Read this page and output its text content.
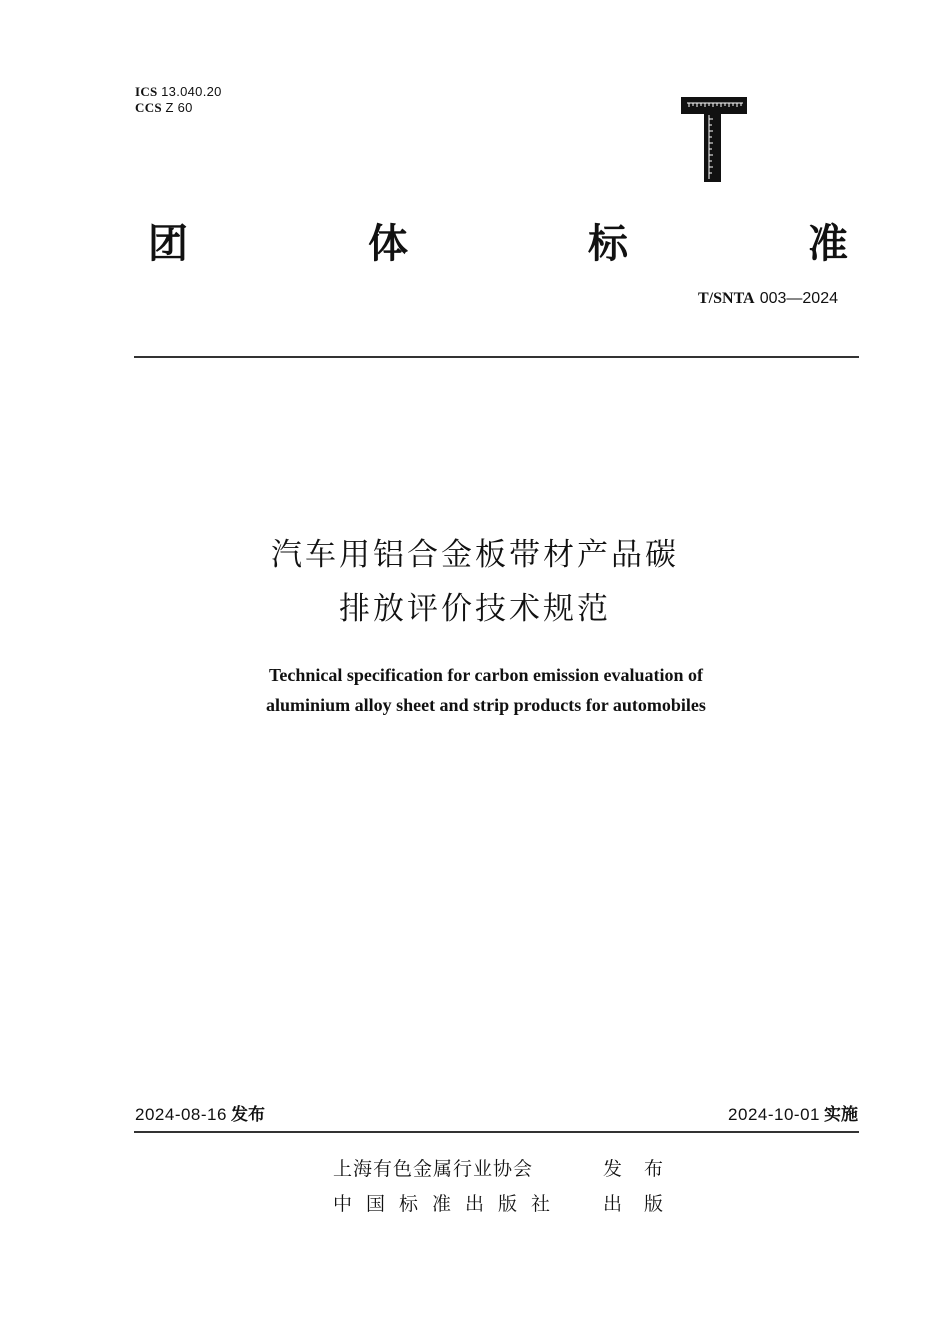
ICS 13.040.20
CCS Z 60
团	体	标	准
T/SNTA 003—2024
汽车用铝合金板带材产品碳
排放评价技术规范
Technical specification for carbon emission evaluation of
aluminium alloy sheet and strip products for automobiles
2024-08-16 发布	2024-10-01 实施
上海有色金属行业协会	发布
中国标准出版社 出版
